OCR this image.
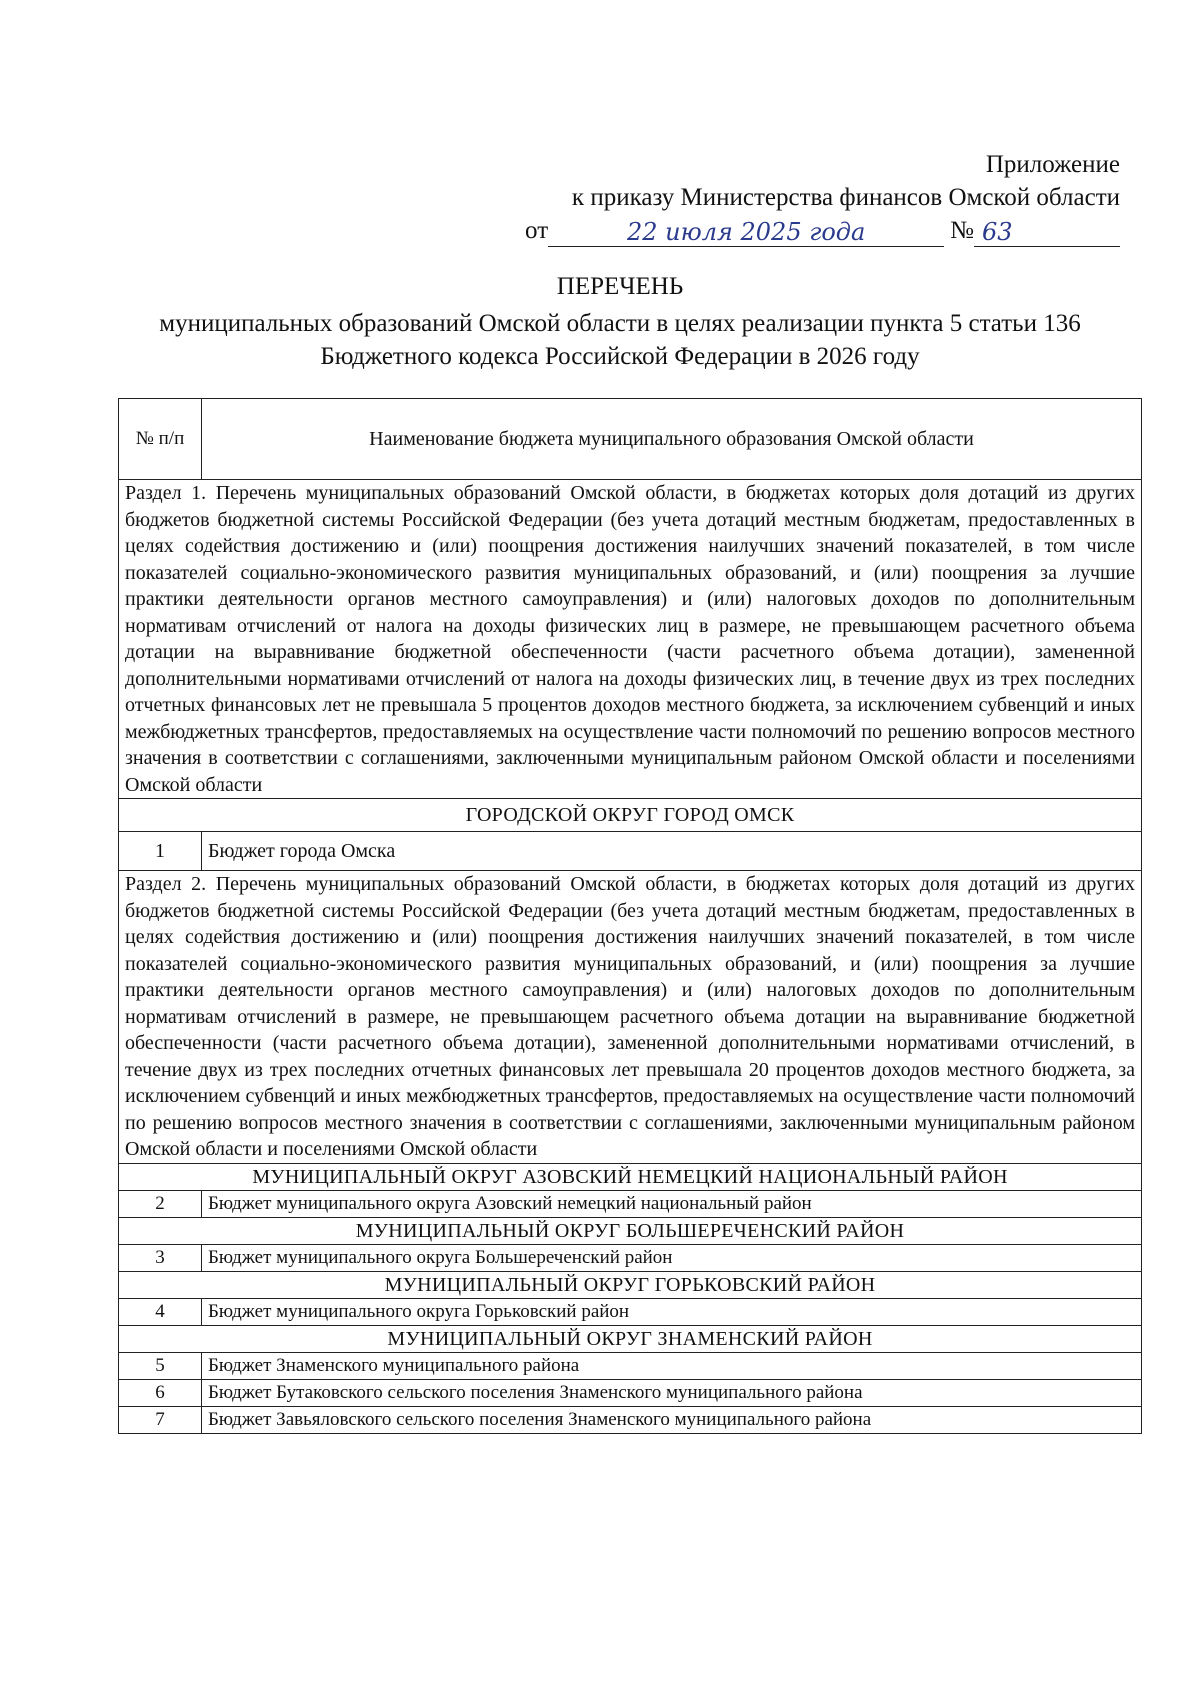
Приложение
к приказу Министерства финансов Омской области
от	22 июля 2025 года	№ 63
ПЕРЕЧЕНЬ
муниципальных образований Омской области в целях реализации пункта 5 статьи 136
Бюджетного кодекса Российской Федерации в 2026 году
№ п/п	Наименование бюджета муниципального образования Омской области
Раздел 1. Перечень муниципальных образований Омской области, в бюджетах которых доля дотаций из других бюджетов бюджетной системы Российской Федерации (без учета дотаций местным бюджетам, предоставленных в целях содействия достижению и (или) поощрения достижения наилучших значений показателей, в том числе показателей социально-экономического развития муниципальных образований, и (или) поощрения за лучшие практики деятельности органов местного самоуправления) и (или) налоговых доходов по дополнительным нормативам отчислений от налога на доходы физических лиц в размере, не превышающем расчетного объема дотации на выравнивание бюджетной обеспеченности (части расчетного объема дотации), замененной дополнительными нормативами отчислений от налога на доходы физических лиц, в течение двух из трех последних отчетных финансовых лет не превышала 5 процентов доходов местного бюджета, за исключением субвенций и иных межбюджетных трансфертов, предоставляемых на осуществление части полномочий по решению вопросов местного значения в соответствии с соглашениями, заключенными муниципальным районом Омской области и поселениями Омской области	
ГОРОДСКОЙ ОКРУГ ГОРОД ОМСК	
1	Бюджет города Омска
Раздел 2. Перечень муниципальных образований Омской области, в бюджетах которых доля дотаций из других бюджетов бюджетной системы Российской Федерации (без учета дотаций местным бюджетам, предоставленных в целях содействия достижению и (или) поощрения достижения наилучших значений показателей, в том числе показателей социально-экономического развития муниципальных образований, и (или) поощрения за лучшие практики деятельности органов местного самоуправления) и (или) налоговых доходов по дополнительным нормативам отчислений в размере, не превышающем расчетного объема дотации на выравнивание бюджетной обеспеченности (части расчетного объема дотации), замененной дополнительными нормативами отчислений, в течение двух из трех последних отчетных финансовых лет превышала 20 процентов доходов местного бюджета, за исключением субвенций и иных межбюджетных трансфертов, предоставляемых на осуществление части полномочий по решению вопросов местного значения в соответствии с соглашениями, заключенными муниципальным районом Омской области и поселениями Омской области	
МУНИЦИПАЛЬНЫЙ ОКРУГ АЗОВСКИЙ НЕМЕЦКИЙ НАЦИОНАЛЬНЫЙ РАЙОН	
2	Бюджет муниципального округа Азовский немецкий национальный район
МУНИЦИПАЛЬНЫЙ ОКРУГ БОЛЬШЕРЕЧЕНСКИЙ РАЙОН	
3	Бюджет муниципального округа Большереченский район
МУНИЦИПАЛЬНЫЙ ОКРУГ ГОРЬКОВСКИЙ РАЙОН	
4	Бюджет муниципального округа Горьковский район
МУНИЦИПАЛЬНЫЙ ОКРУГ ЗНАМЕНСКИЙ РАЙОН	
5	Бюджет Знаменского муниципального района
6	Бюджет Бутаковского сельского поселения Знаменского муниципального района
7	Бюджет Завьяловского сельского поселения Знаменского муниципального района
